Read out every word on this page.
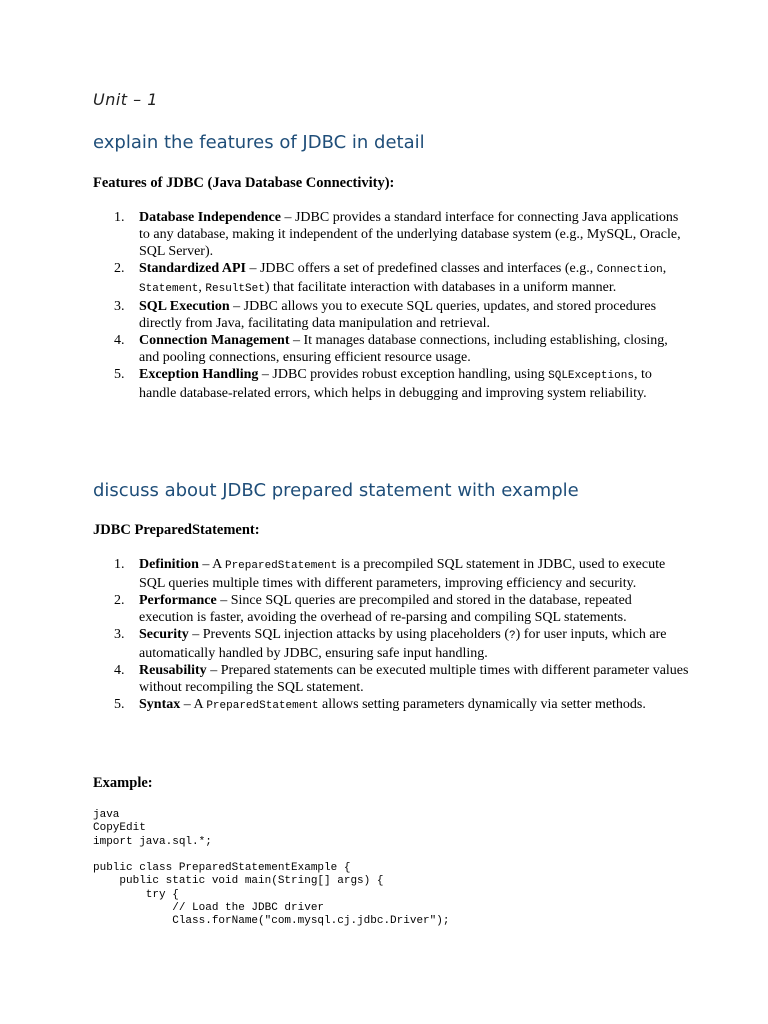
Unit – 1
explain the features of JDBC in detail
Features of JDBC (Java Database Connectivity):
1. Database Independence – JDBC provides a standard interface for connecting Java applications to any database, making it independent of the underlying database system (e.g., MySQL, Oracle, SQL Server).
2. Standardized API – JDBC offers a set of predefined classes and interfaces (e.g., Connection, Statement, ResultSet) that facilitate interaction with databases in a uniform manner.
3. SQL Execution – JDBC allows you to execute SQL queries, updates, and stored procedures directly from Java, facilitating data manipulation and retrieval.
4. Connection Management – It manages database connections, including establishing, closing, and pooling connections, ensuring efficient resource usage.
5. Exception Handling – JDBC provides robust exception handling, using SQLExceptions, to handle database-related errors, which helps in debugging and improving system reliability.
discuss about JDBC prepared statement with example
JDBC PreparedStatement:
1. Definition – A PreparedStatement is a precompiled SQL statement in JDBC, used to execute SQL queries multiple times with different parameters, improving efficiency and security.
2. Performance – Since SQL queries are precompiled and stored in the database, repeated execution is faster, avoiding the overhead of re-parsing and compiling SQL statements.
3. Security – Prevents SQL injection attacks by using placeholders (?) for user inputs, which are automatically handled by JDBC, ensuring safe input handling.
4. Reusability – Prepared statements can be executed multiple times with different parameter values without recompiling the SQL statement.
5. Syntax – A PreparedStatement allows setting parameters dynamically via setter methods.
Example:
java
CopyEdit
import java.sql.*;

public class PreparedStatementExample {
public static void main(String[] args) {
try {
// Load the JDBC driver
Class.forName("com.mysql.cj.jdbc.Driver");
